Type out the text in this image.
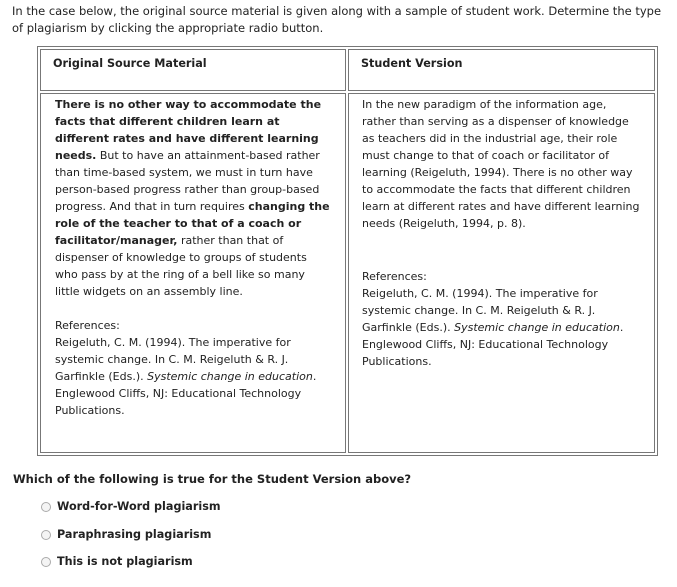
In the case below, the original source material is given along with a sample of student work. Determine the type of plagiarism by clicking the appropriate radio button.
Original Source Material	Student Version
There is no other way to accommodate the facts that different children learn at different rates and have different learning needs. But to have an attainment-based rather than time-based system, we must in turn have person-based progress rather than group-based progress. And that in turn requires changing the role of the teacher to that of a coach or facilitator/manager, rather than that of dispenser of knowledge to groups of students who pass by at the ring of a bell like so many little widgets on an assembly line.
References:
Reigeluth, C. M. (1994). The imperative for systemic change. In C. M. Reigeluth & R. J. Garfinkle (Eds.). Systemic change in education. Englewood Cliffs, NJ: Educational Technology Publications.
In the new paradigm of the information age, rather than serving as a dispenser of knowledge as teachers did in the industrial age, their role must change to that of coach or facilitator of learning (Reigeluth, 1994). There is no other way to accommodate the facts that different children learn at different rates and have different learning needs (Reigeluth, 1994, p. 8).
References:
Reigeluth, C. M. (1994). The imperative for systemic change. In C. M. Reigeluth & R. J. Garfinkle (Eds.). Systemic change in education. Englewood Cliffs, NJ: Educational Technology Publications.
Which of the following is true for the Student Version above?
Word-for-Word plagiarism
Paraphrasing plagiarism
This is not plagiarism
